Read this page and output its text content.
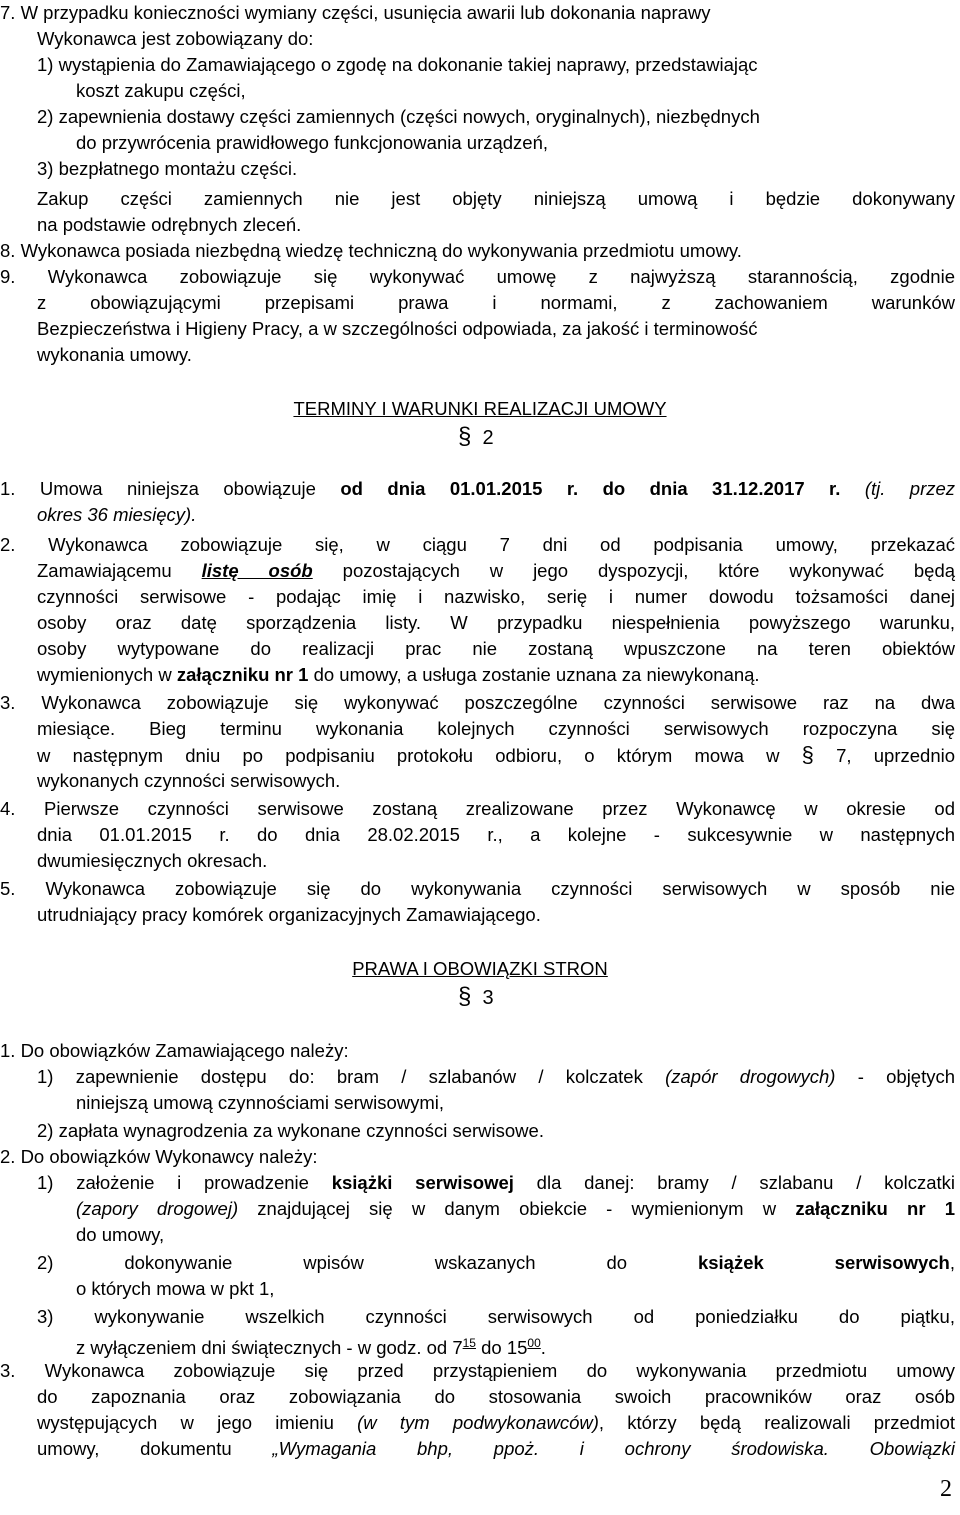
7. W przypadku konieczności wymiany części, usunięcia awarii lub dokonania naprawy
Wykonawca jest zobowiązany do:
1) wystąpienia do Zamawiającego o zgodę na dokonanie takiej naprawy, przedstawiając
koszt zakupu części,
2) zapewnienia dostawy części zamiennych (części nowych, oryginalnych), niezbędnych
do przywrócenia prawidłowego funkcjonowania urządzeń,
3) bezpłatnego montażu części.
Zakup części zamiennych nie jest objęty niniejszą umową i będzie dokonywany
na podstawie odrębnych zleceń.
8. Wykonawca posiada niezbędną wiedzę techniczną do wykonywania przedmiotu umowy.
9. Wykonawca zobowiązuje się wykonywać umowę z najwyższą starannością, zgodnie
z obowiązującymi przepisami prawa i normami, z zachowaniem warunków
Bezpieczeństwa i Higieny Pracy, a w szczególności odpowiada, za jakość i terminowość
wykonania umowy.
TERMINY I WARUNKI REALIZACJI UMOWY
§ 2
1. Umowa niniejsza obowiązuje od dnia 01.01.2015 r. do dnia 31.12.2017 r. (tj. przez
okres 36 miesięcy).
2. Wykonawca zobowiązuje się, w ciągu 7 dni od podpisania umowy, przekazać
Zamawiającemu listę osób pozostających w jego dyspozycji, które wykonywać będą
czynności serwisowe - podając imię i nazwisko, serię i numer dowodu tożsamości danej
osoby oraz datę sporządzenia listy. W przypadku niespełnienia powyższego warunku,
osoby wytypowane do realizacji prac nie zostaną wpuszczone na teren obiektów
wymienionych w załączniku nr 1 do umowy, a usługa zostanie uznana za niewykonaną.
3. Wykonawca zobowiązuje się wykonywać poszczególne czynności serwisowe raz na dwa
miesiące. Bieg terminu wykonania kolejnych czynności serwisowych rozpoczyna się
w następnym dniu po podpisaniu protokołu odbioru, o którym mowa w § 7, uprzednio
wykonanych czynności serwisowych.
4. Pierwsze czynności serwisowe zostaną zrealizowane przez Wykonawcę w okresie od
dnia 01.01.2015 r. do dnia 28.02.2015 r., a kolejne - sukcesywnie w następnych
dwumiesięcznych okresach.
5. Wykonawca zobowiązuje się do wykonywania czynności serwisowych w sposób nie
utrudniający pracy komórek organizacyjnych Zamawiającego.
PRAWA I OBOWIĄZKI STRON
§ 3
1. Do obowiązków Zamawiającego należy:
1) zapewnienie dostępu do: bram / szlabanów / kolczatek (zapór drogowych) - objętych
niniejszą umową czynnościami serwisowymi,
2) zapłata wynagrodzenia za wykonane czynności serwisowe.
2. Do obowiązków Wykonawcy należy:
1) założenie i prowadzenie książki serwisowej dla danej: bramy / szlabanu / kolczatki
(zapory drogowej) znajdującej się w danym obiekcie - wymienionym w załączniku nr 1
do umowy,
2) dokonywanie wpisów wskazanych do	książek serwisowych,
o których mowa w pkt 1,
3) wykonywanie wszelkich czynności serwisowych od poniedziałku do piątku,
z wyłączeniem dni świątecznych - w godz. od $7^{15}$ do $15^{00}$.
3. Wykonawca zobowiązuje się przed przystąpieniem do wykonywania przedmiotu umowy
do zapoznania oraz zobowiązania do stosowania swoich pracowników oraz osób
występujących w jego imieniu (w tym podwykonawców), którzy będą realizowali przedmiot
umowy, dokumentu „Wymagania bhp, ppoż. i ochrony środowiska. Obowiązki
2
